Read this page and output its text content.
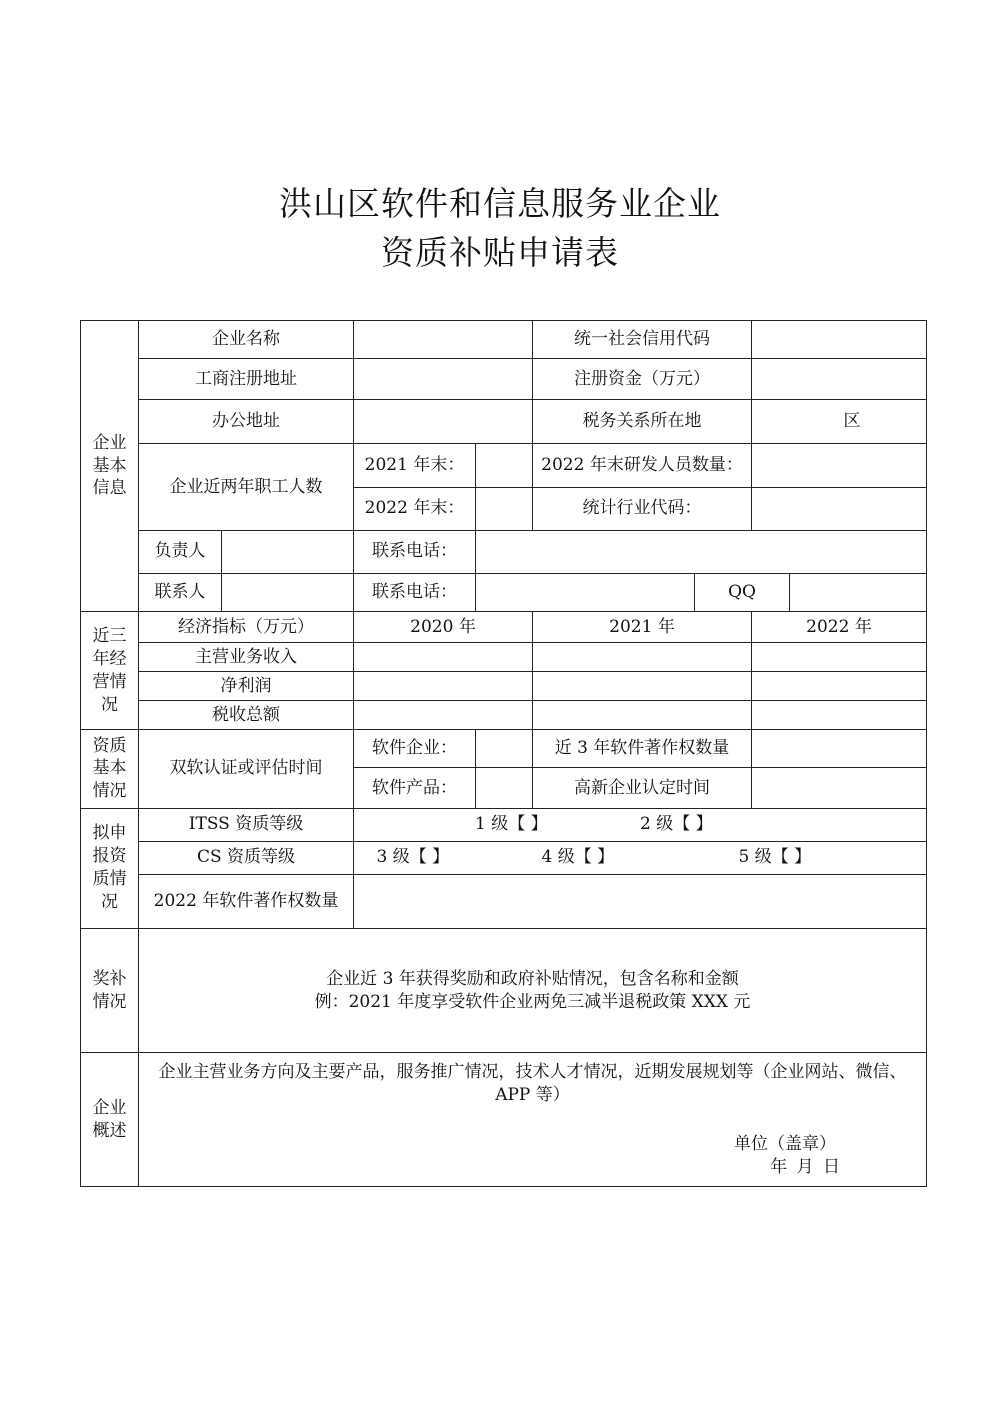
洪山区软件和信息服务业企业
资质补贴申请表
企业基本信息	企业名称				统一社会信用代码			
	工商注册地址				注册资金（万元）			
	办公地址				税务关系所在地		区	
	企业近两年职工人数		2021 年末：		2022 年末研发人员数量：			
			2022 年末：		统计行业代码：			
	负责人		联系电话：					
	联系人		联系电话：			QQ		
近三年经营情况	经济指标（万元）		2020 年		2021 年		2022 年	
	主营业务收入							
	净利润							
	税收总额							
资质基本情况	双软认证或评估时间		软件企业：		近 3 年软件著作权数量			
			软件产品：		高新企业认定时间			
拟申报资质情况	ITSS 资质等级		1 级【 】 2 级【 】					
	CS 资质等级		3 级【 】 4 级【 】 5 级【 】					
	2022 年软件著作权数量							
奖补情况	企业近 3 年获得奖励和政府补贴情况，包含名称和金额
例：2021 年度享受软件企业两免三减半退税政策 XXX 元							

企业概述	企业主营业务方向及主要产品，服务推广情况，技术人才情况，近期发展规划等（企业网站、微信、APP 等）
单位（盖章）
年 月 日							
